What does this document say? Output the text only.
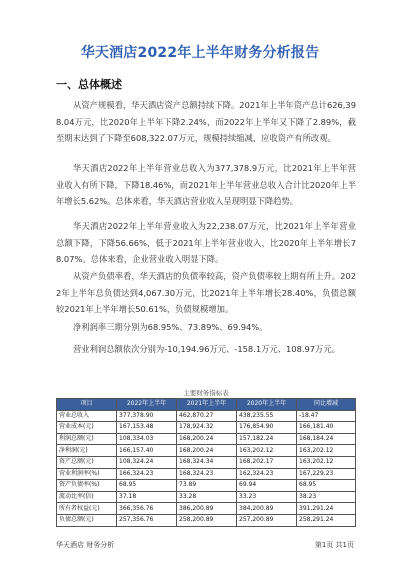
华天酒店2022年上半年财务分析报告
一、总体概述

从资产规模看，华天酒店资产总额持续下降。2021年上半年资产总计626,398.04万元，比2020年上半年下降2.24%，而2022年上半年又下降了2.89%，截至期末达到了下降至608,322.07万元，规模持续缩减，应收资产有所改观。

华天酒店2022年上半年营业总收入为377,378.9万元，比2021年上半年营业收入有所下降，下降18.46%，而2021年上半年营业总收入合计比2020年上半年增长5.62%。总体来看，华天酒店营业收入呈现明显下降趋势。

华天酒店2022年上半年营业收入为22,238.07万元，比2021年上半年营业总额下降，下降56.66%，低于2021年上半年营业收入，比2020年上半年增长78.07%。总体来看，企业营业收入明显下降。

从资产负债率看，华天酒店的负债率较高，资产负债率较上期有所上升。2022年上半年总负债达到4,067.30万元，比2021年上半年增长28.40%，负债总额较2021年上半年增长50.61%，负债规模增加。

净利润率三期分别为68.95%、73.89%、69.94%。

营业利润总额依次分别为-10,194.96万元、-158.1万元、108.97万元。

主要财务指标表
项目	2022年上半年	2021年上半年	2020年上半年	同比增减
营业总收入	377,378.90	462,870.27	438,235.55	-18.47
营业成本(元)	167,153.48	178,924.32	176,854.90	166,181.40
利润总额(元)	108,334.03	168,200.24	157,182.24	168,184.24
净利润(元)	166,157.40	168,200.24	163,202.12	163,202.12
资产总额(元)	108,324.24	168,324.34	168,202.17	163,202.12
营业利润率(%)	166,324.23	168,324.23	162,324.23	167,229.23
资产负债率(%)	68.95	73.89	69.94	68.95
流动比率(倍)	37.18	33.28	33.23	38.23
所有者权益(元)	366,356.76	386,200.89	384,200.89	391,291.24
负债总额(元)	257,356.76	258,200.89	257,200.89	258,291.24
华天酒店 财务分析	第1页 共1页
